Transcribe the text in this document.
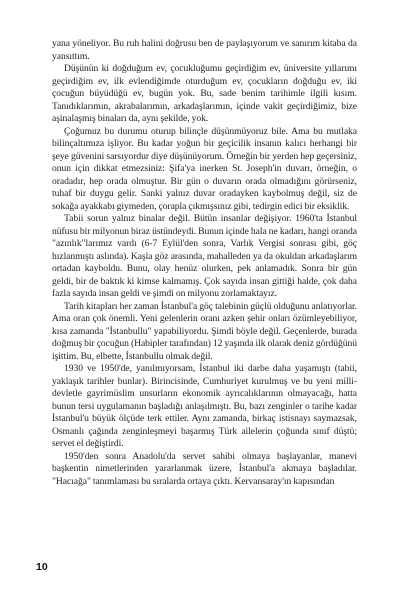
yana yöneliyor. Bu ruh halini doğrusu ben de paylaşıyorum ve sanırım kitaba da yansıttım.

Düşünün ki doğduğum ev, çocukluğumu geçirdiğim ev, üniversite yıllarımı geçirdiğim ev, ilk evlendiğimde oturduğum ev, çocukların doğduğu ev, iki çocuğun büyüdüğü ev, bugün yok. Bu, sade benim tarihimle ilgili kısım. Tanıdıklarımın, akrabalarımın, arkadaşlarımın, içinde vakit geçirdiğimiz, bize aşinalaşmış binaları da, aynı şekilde, yok.

Çoğumuz bu durumu oturup bilinçle düşünmüyoruz bile. Ama bu mutlaka bilinçaltımıza işliyor. Bu kadar yoğun bir geçicilik insanın kalıcı herhangi bir şeye güvenini sarsıyordur diye düşünüyorum. Örneğin bir yerden hep geçersiniz, onun için dikkat etmezsiniz: Şifa'ya inerken St. Joseph'in duvarı, örneğin, o oradadır, hep orada olmuştur. Bir gün o duvarın orada olmadığını görürseniz, tuhaf bir duygu gelir. Sanki yalnız duvar oradayken kaybolmuş değil, siz de sokağa ayakkabı giymeden, çorapla çıkmışsınız gibi, tedirgin edici bir eksiklik.

Tabii sorun yalnız binalar değil. Bütün insanlar değişiyor. 1960'ta İstanbul nüfusu bir milyonun biraz üstündeydi. Bunun içinde hala ne kadarı, hangi oranda "azınlık"larımız vardı (6-7 Eylül'den sonra, Varlık Vergisi sonrası gibi, göç hızlanmıştı aslında). Kaşla göz arasında, mahalleden ya da okuldan arkadaşlarım ortadan kayboldu. Bunu, olay henüz olurken, pek anlamadık. Sonra bir gün geldi, bir de baktık ki kimse kalmamış. Çok sayıda insan gittiği halde, çok daha fazla sayıda insan geldi ve şimdi on milyonu zorlamaktayız.

Tarih kitapları her zaman İstanbul'a göç talebinin güçlü olduğunu anlatıyorlar. Ama oran çok önemli. Yeni gelenlerin oranı azken şehir onları özümleyebiliyor, kısa zamanda "İstanbullu" yapabiliyordu. Şimdi böyle değil. Geçenlerde, burada doğmuş bir çocuğun (Habipler tarafından) 12 yaşında ilk olarak deniz gördüğünü işittim. Bu, elbette, İstanbullu olmak değil.

1930 ve 1950'de, yanılmıyorsam, İstanbul iki darbe daha yaşamıştı (tabii, yaklaşık tarihler bunlar). Birincisinde, Cumhuriyet kurulmuş ve bu yeni milli-devletle gayrimüslim unsurların ekonomik ayrıcalıklarının olmayacağı, hatta bunun tersi uygulamanın başladığı anlaşılmıştı. Bu, bazı zenginler o tarihe kadar İstanbul'u büyük ölçüde terk ettiler. Aynı zamanda, birkaç istisnayı saymazsak, Osmanlı çağında zenginleşmeyi başarmış Türk ailelerin çoğunda sınıf düştü; servet el değiştirdi.

1950'den sonra Anadolu'da servet sahibi olmaya başlayanlar, manevi başkentin nimetlerinden yararlanmak üzere, İstanbul'a akmaya başladılar. "Hacıağa" tanımlaması bu sıralarda ortaya çıktı. Kervansaray'ın kapısından

10
